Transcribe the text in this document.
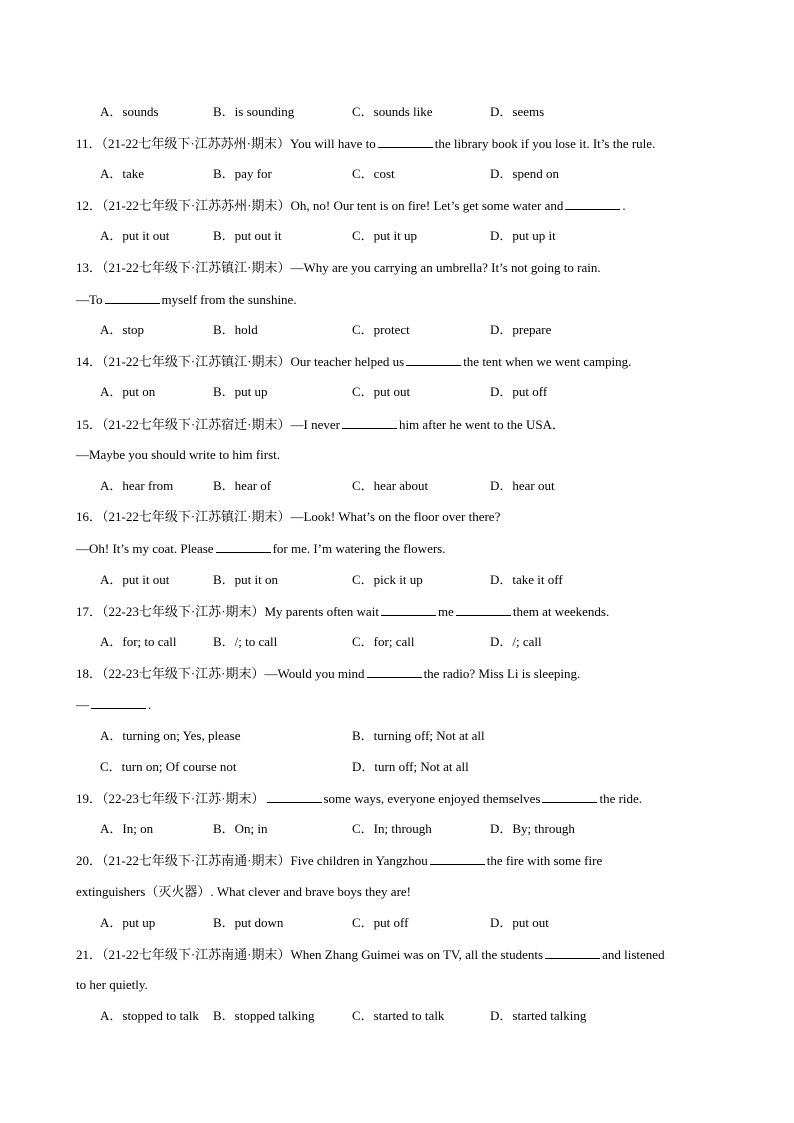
A．sounds	B．is sounding	C．sounds like	D．seems
11．（21-22七年级下·江苏苏州·期末）You will have to	the library book if you lose it. It’s the rule.
A．take	B．pay for	C．cost	D．spend on
12．（21-22七年级下·江苏苏州·期末）Oh, no! Our tent is on fire! Let’s get some water and	.
A．put it out	B．put out it	C．put it up	D．put up it
13．（21-22七年级下·江苏镇江·期末）—Why are you carrying an umbrella? It’s not going to rain.
—To	myself from the sunshine.
A．stop	B．hold	C．protect	D．prepare
14．（21-22七年级下·江苏镇江·期末）Our teacher helped us	the tent when we went camping.
A．put on	B．put up	C．put out	D．put off
15．（21-22七年级下·江苏宿迁·期末）—I never	him after he went to the USA．
—Maybe you should write to him first.
A．hear from	B．hear of	C．hear about	D．hear out
16．（21-22七年级下·江苏镇江·期末）—Look! What’s on the floor over there?
—Oh! It’s my coat. Please	for me. I’m watering the flowers.
A．put it out	B．put it on	C．pick it up	D．take it off
17．（22-23七年级下·江苏·期末）My parents often wait	me	them at weekends.
A．for; to call	B．/; to call	C．for; call	D．/; call
18．（22-23七年级下·江苏·期末）—Would you mind	the radio? Miss Li is sleeping.
—	.
A．turning on; Yes, please	B．turning off; Not at all
C．turn on; Of course not	D．turn off; Not at all
19．（22-23七年级下·江苏·期末）	some ways, everyone enjoyed themselves	the ride.
A．In; on	B．On; in	C．In; through	D．By; through
20．（21-22七年级下·江苏南通·期末）Five children in Yangzhou	the fire with some fire
extinguishers（灭火器）. What clever and brave boys they are!
A．put up	B．put down	C．put off	D．put out
21．（21-22七年级下·江苏南通·期末）When Zhang Guimei was on TV, all the students	and listened
to her quietly.
A．stopped to talk B．stopped talking	C．started to talk	D．started talking
